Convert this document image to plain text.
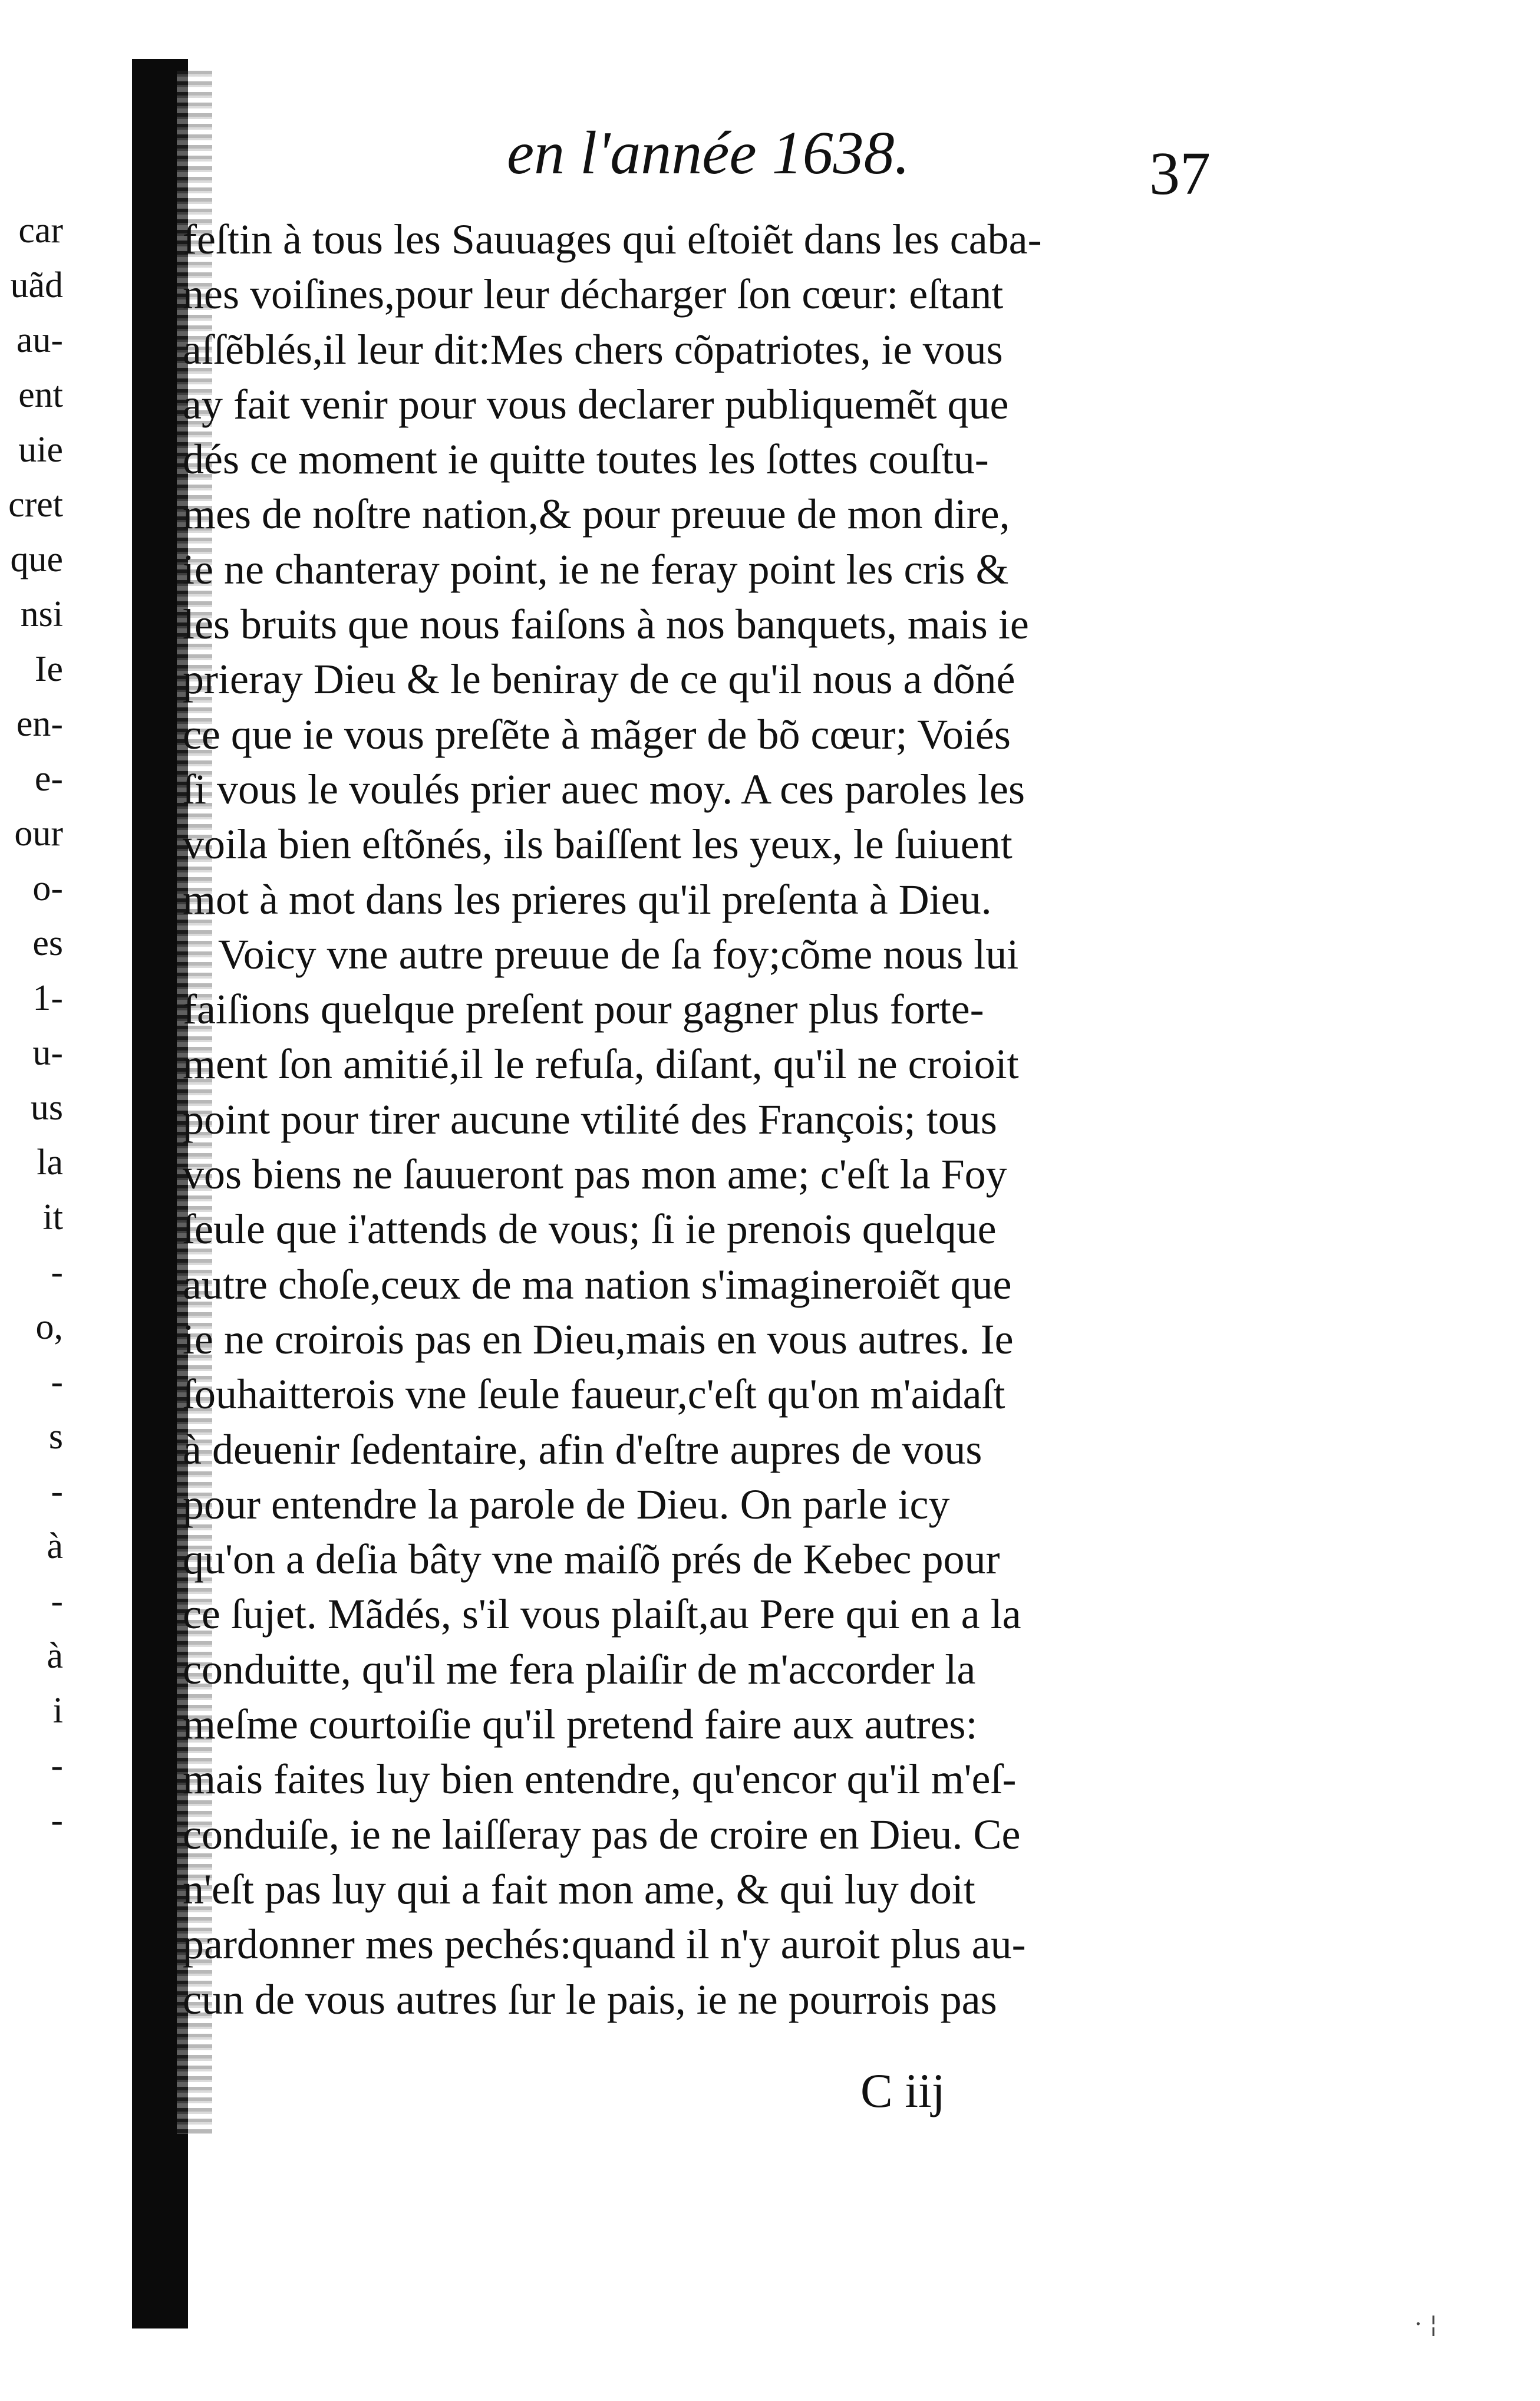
car
uãd
au-
ent
uie
cret
que
nsi
Ie
en-
e-
our
o-
es
1-
u-
us
la
it
-
o,
-
s
-
à
-
à
i
-
-
en l'année 1638.	37
feſtin à tous les Sauuages qui eſtoiẽt dans les caba-
nes voiſines,pour leur décharger ſon cœur: eſtant
aſſẽblés,il leur dit:Mes chers cõpatriotes, ie vous
ay fait venir pour vous declarer publiquemẽt que
dés ce moment ie quitte toutes les ſottes couſtu-
mes de noſtre nation,& pour preuue de mon dire,
ie ne chanteray point, ie ne feray point les cris &
les bruits que nous faiſons à nos banquets, mais ie
prieray Dieu & le beniray de ce qu'il nous a dõné
ce que ie vous preſẽte à mãger de bõ cœur; Voiés
ſi vous le voulés prier auec moy. A ces paroles les
voila bien eſtõnés, ils baiſſent les yeux, le ſuiuent
mot à mot dans les prieres qu'il preſenta à Dieu.
Voicy vne autre preuue de ſa foy;cõme nous lui
faiſions quelque preſent pour gagner plus forte-
ment ſon amitié,il le refuſa, diſant, qu'il ne croioit
point pour tirer aucune vtilité des François; tous
vos biens ne ſauueront pas mon ame; c'eſt la Foy
ſeule que i'attends de vous; ſi ie prenois quelque
autre choſe,ceux de ma nation s'imagineroiẽt que
ie ne croirois pas en Dieu,mais en vous autres. Ie
ſouhaitterois vne ſeule faueur,c'eſt qu'on m'aidaſt
à deuenir ſedentaire, afin d'eſtre aupres de vous
pour entendre la parole de Dieu. On parle icy
qu'on a deſia bâty vne maiſõ prés de Kebec pour
ce ſujet. Mãdés, s'il vous plaiſt,au Pere qui en a la
conduitte, qu'il me fera plaiſir de m'accorder la
meſme courtoiſie qu'il pretend faire aux autres:
mais faites luy bien entendre, qu'encor qu'il m'eſ-
conduiſe, ie ne laiſſeray pas de croire en Dieu. Ce
n'eſt pas luy qui a fait mon ame, & qui luy doit
pardonner mes pechés:quand il n'y auroit plus au-
cun de vous autres ſur le pais, ie ne pourrois pas
C iij
· ¦
